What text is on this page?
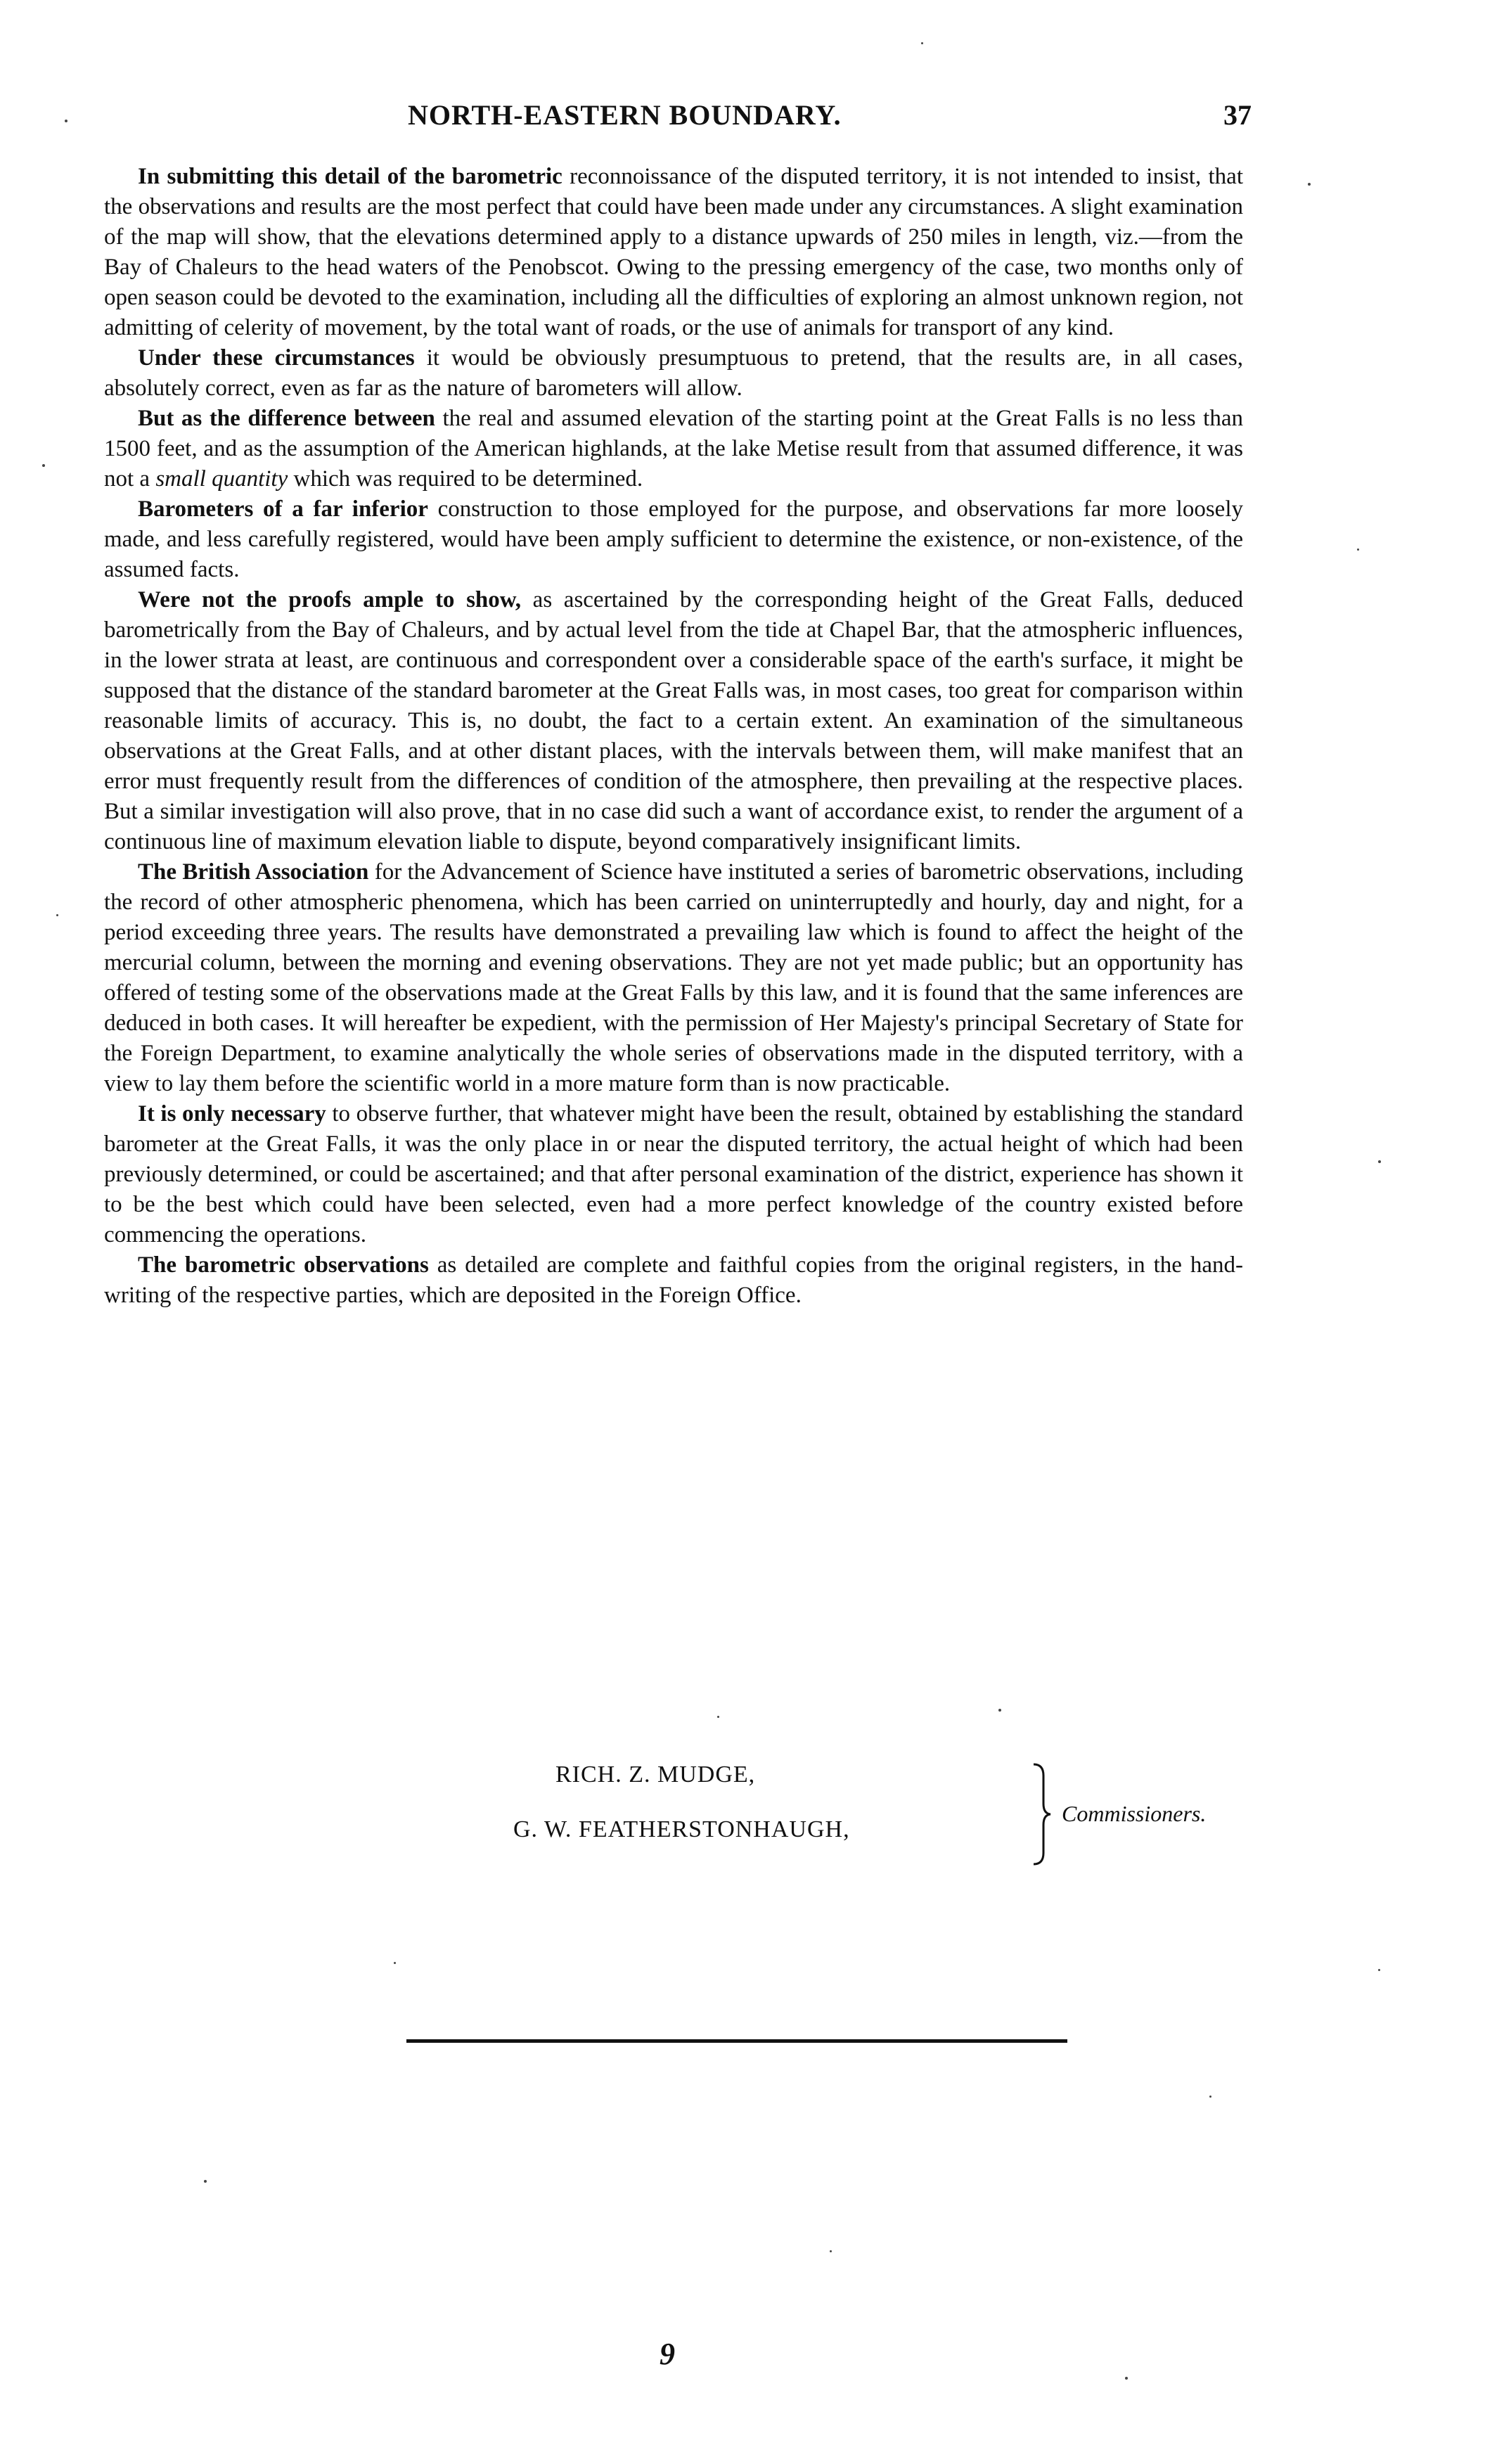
NORTH-EASTERN BOUNDARY.	37

In submitting this detail of the barometric reconnoissance of the disputed territory, it is not intended to insist, that the observations and results are the most perfect that could have been made under any circumstances. A slight examination of the map will show, that the elevations determined apply to a distance upwards of 250 miles in length, viz.—from the Bay of Chaleurs to the head waters of the Penobscot. Owing to the pressing emergency of the case, two months only of open season could be devoted to the examination, including all the difficulties of exploring an almost unknown region, not admitting of celerity of movement, by the total want of roads, or the use of animals for transport of any kind.

Under these circumstances it would be obviously presumptuous to pretend, that the results are, in all cases, absolutely correct, even as far as the nature of barometers will allow.

But as the difference between the real and assumed elevation of the starting point at the Great Falls is no less than 1500 feet, and as the assumption of the American highlands, at the lake Metise result from that assumed difference, it was not a small quantity which was required to be determined.

Barometers of a far inferior construction to those employed for the purpose, and observations far more loosely made, and less carefully registered, would have been amply sufficient to determine the existence, or non-existence, of the assumed facts.

Were not the proofs ample to show, as ascertained by the corresponding height of the Great Falls, deduced barometrically from the Bay of Chaleurs, and by actual level from the tide at Chapel Bar, that the atmospheric influences, in the lower strata at least, are continuous and correspondent over a considerable space of the earth's surface, it might be supposed that the distance of the standard barometer at the Great Falls was, in most cases, too great for comparison within reasonable limits of accuracy. This is, no doubt, the fact to a certain extent. An examination of the simultaneous observations at the Great Falls, and at other distant places, with the intervals between them, will make manifest that an error must frequently result from the differences of condition of the atmosphere, then prevailing at the respective places. But a similar investigation will also prove, that in no case did such a want of accordance exist, to render the argument of a continuous line of maximum elevation liable to dispute, beyond comparatively insignificant limits.

The British Association for the Advancement of Science have instituted a series of barometric observations, including the record of other atmospheric phenomena, which has been carried on uninterruptedly and hourly, day and night, for a period exceeding three years. The results have demonstrated a prevailing law which is found to affect the height of the mercurial column, between the morning and evening observations. They are not yet made public; but an opportunity has offered of testing some of the observations made at the Great Falls by this law, and it is found that the same inferences are deduced in both cases. It will hereafter be expedient, with the permission of Her Majesty's principal Secretary of State for the Foreign Department, to examine analytically the whole series of observations made in the disputed territory, with a view to lay them before the scientific world in a more mature form than is now practicable.

It is only necessary to observe further, that whatever might have been the result, obtained by establishing the standard barometer at the Great Falls, it was the only place in or near the disputed territory, the actual height of which had been previously determined, or could be ascertained; and that after personal examination of the district, experience has shown it to be the best which could have been selected, even had a more perfect knowledge of the country existed before commencing the operations.

The barometric observations as detailed are complete and faithful copies from the original registers, in the hand-writing of the respective parties, which are deposited in the Foreign Office.

RICH. Z. MUDGE,
G. W. FEATHERSTONHAUGH,
Commissioners.
9
